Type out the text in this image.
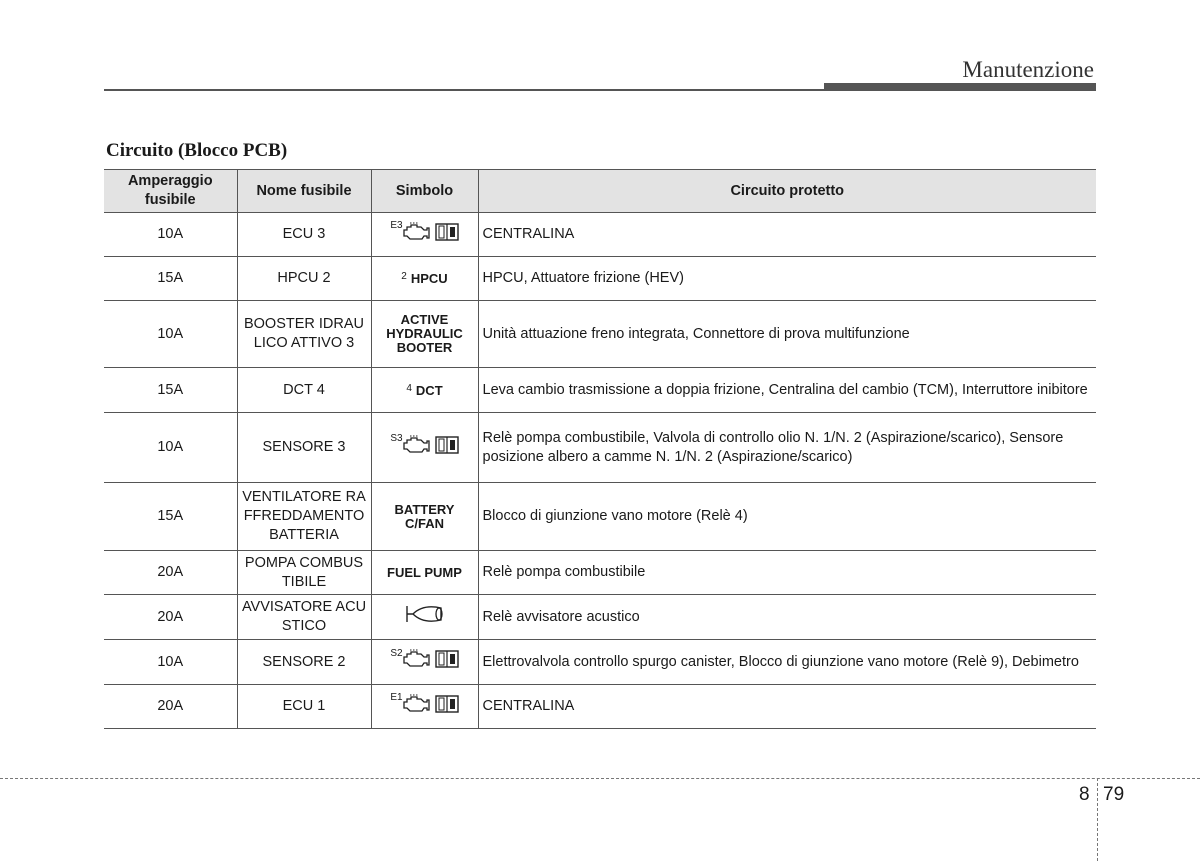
Manutenzione
Circuito (Blocco PCB)
Amperaggio fusibile	Nome fusibile	Simbolo	Circuito protetto
10A	ECU 3	E3	CENTRALINA
15A	HPCU 2	2 HPCU	HPCU, Attuatore frizione (HEV)
10A	BOOSTER IDRAULICO ATTIVO 3	ACTIVE HYDRAULIC BOOTER	Unità attuazione freno integrata, Connettore di prova multifunzione
15A	DCT 4	4 DCT	Leva cambio trasmissione a doppia frizione, Centralina del cambio (TCM), Interruttore inibitore
10A	SENSORE 3	S3	Relè pompa combustibile, Valvola di controllo olio N. 1/N. 2 (Aspirazione/scarico), Sensore posizione albero a camme N. 1/N. 2 (Aspirazione/scarico)
15A	VENTILATORE RAFFREDDAMENTO BATTERIA	BATTERY C/FAN	Blocco di giunzione vano motore (Relè 4)
20A	POMPA COMBUSTIBILE	FUEL PUMP	Relè pompa combustibile
20A	AVVISATORE ACUSTICO		Relè avvisatore acustico
10A	SENSORE 2	S2	Elettrovalvola controllo spurgo canister, Blocco di giunzione vano motore (Relè 9), Debimetro
20A	ECU 1	E1	CENTRALINA
8 79
